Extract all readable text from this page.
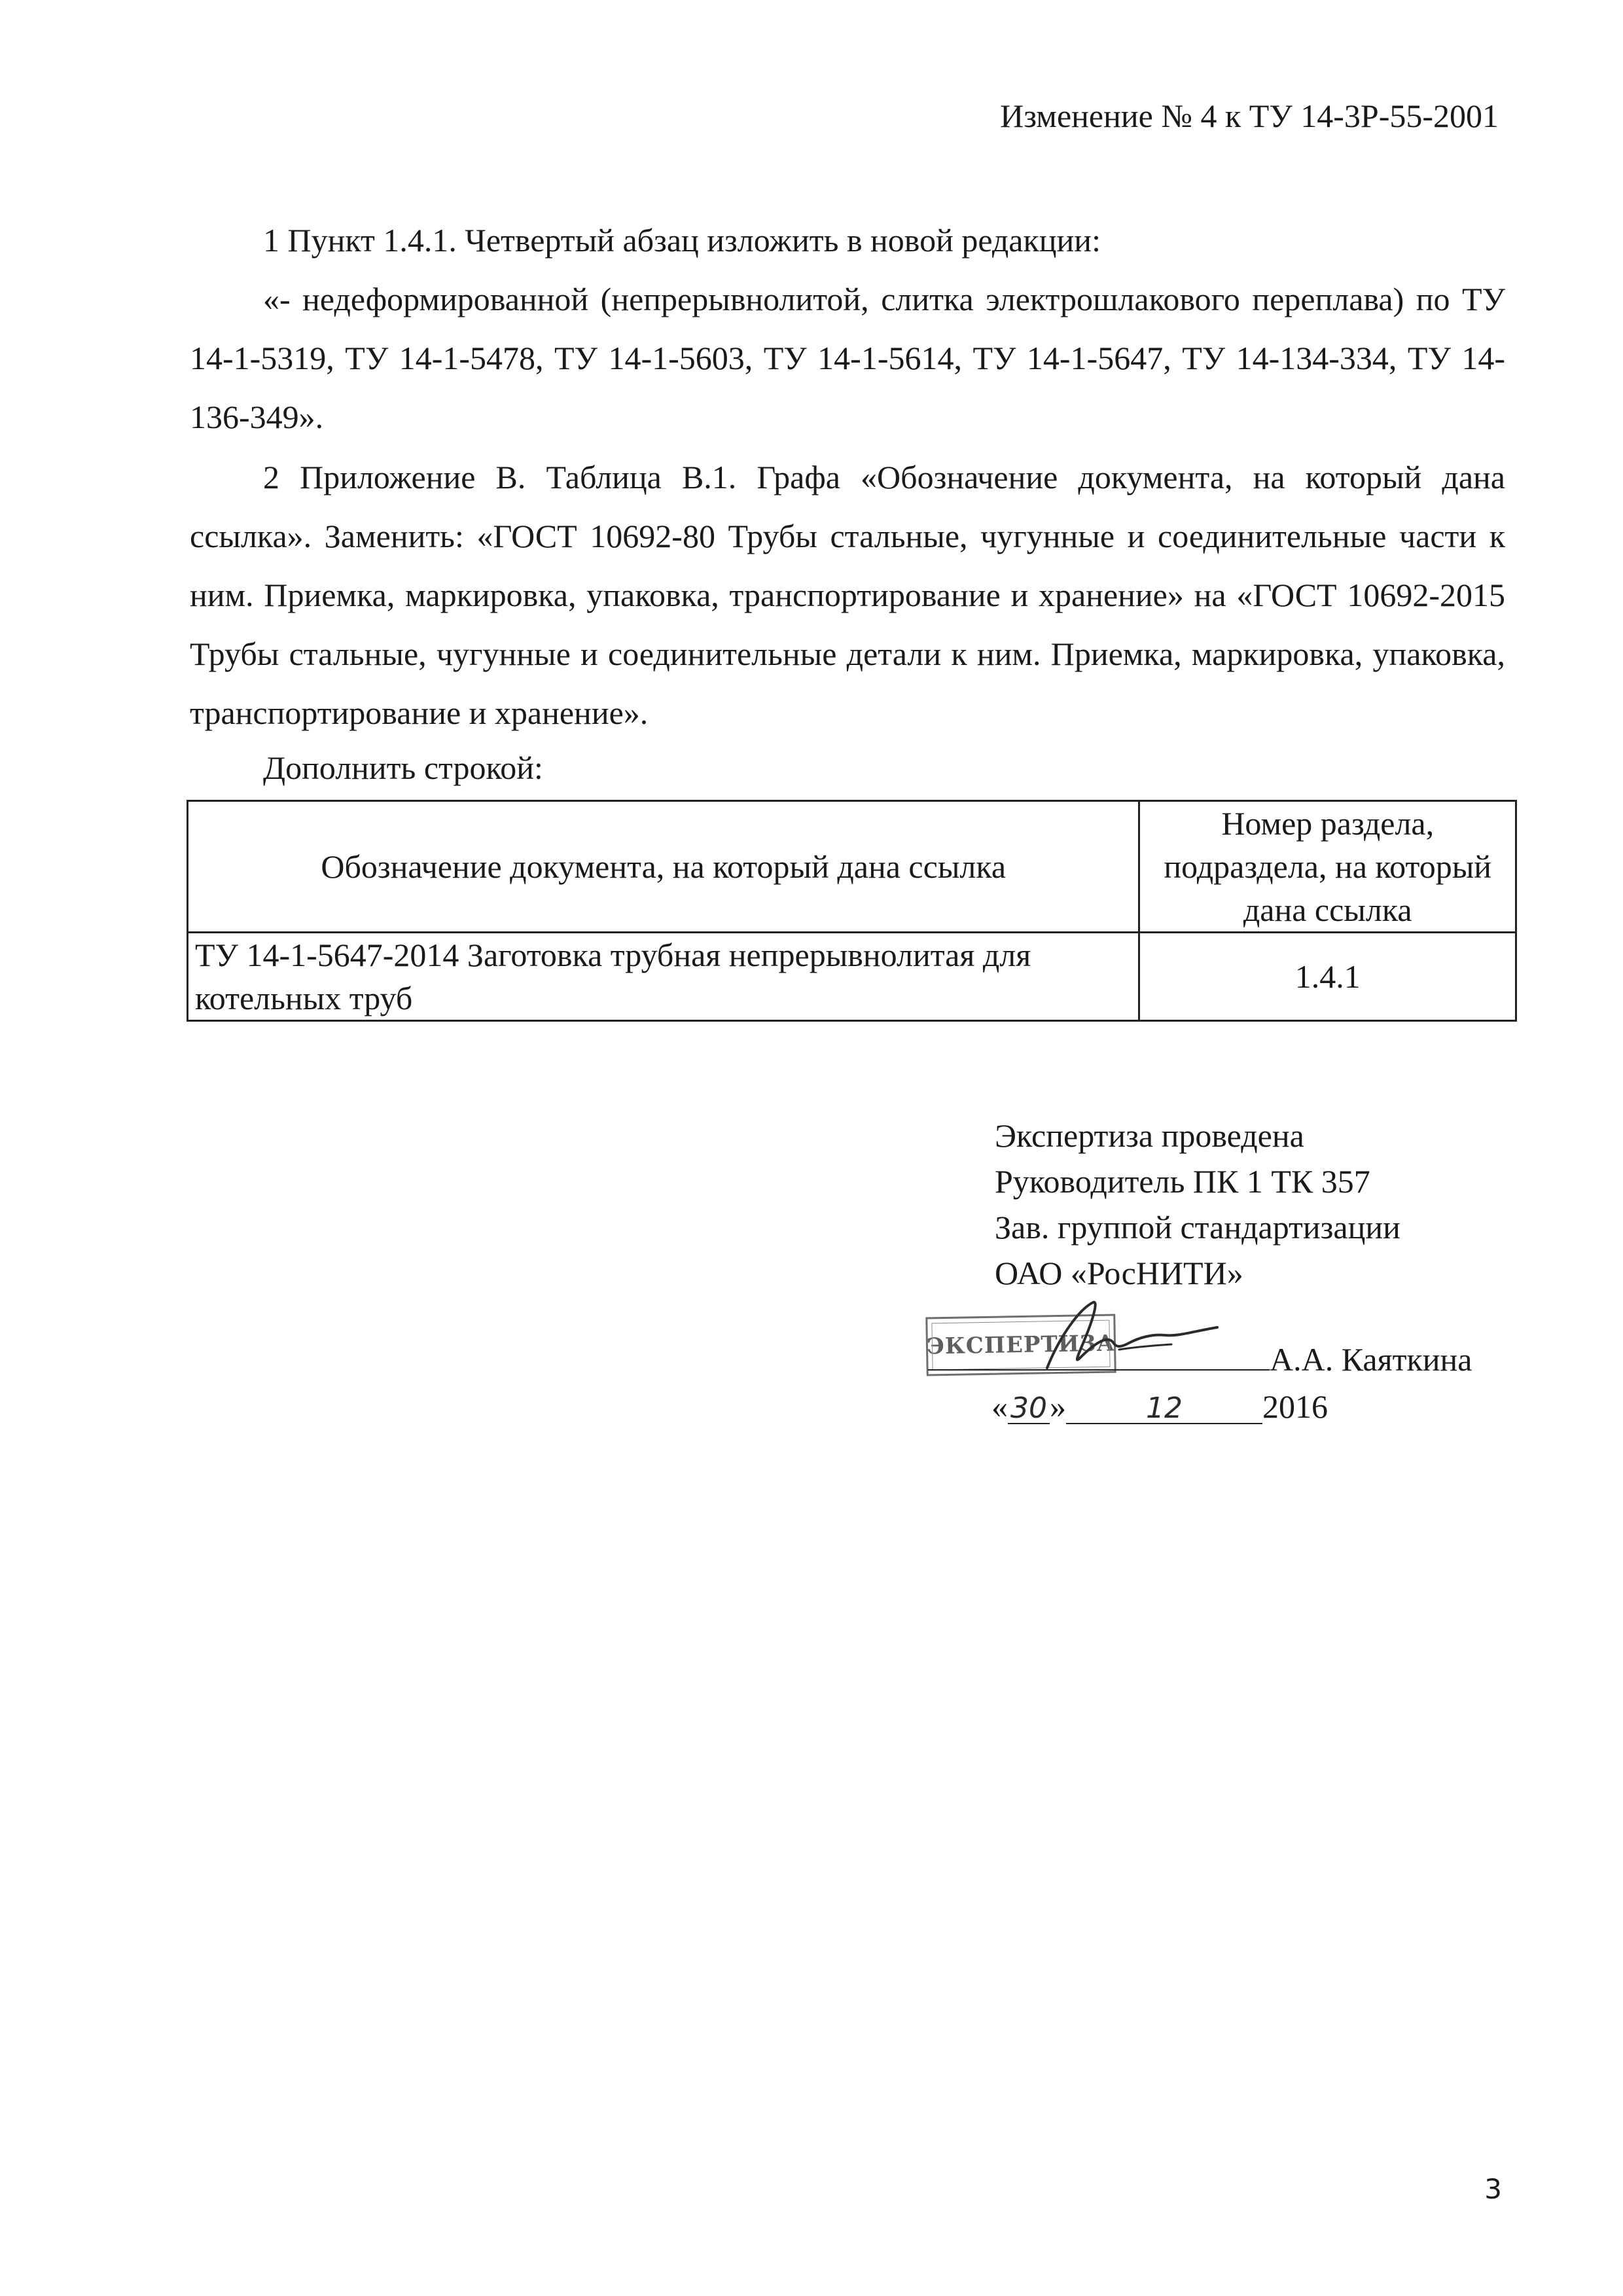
Изменение № 4 к ТУ 14-3Р-55-2001

1 Пункт 1.4.1. Четвертый абзац изложить в новой редакции:

«- недеформированной (непрерывнолитой, слитка электрошлакового переплава) по ТУ 14-1-5319, ТУ 14-1-5478, ТУ 14-1-5603, ТУ 14-1-5614, ТУ 14-1-5647, ТУ 14-134-334, ТУ 14-136-349».

2 Приложение В. Таблица В.1. Графа «Обозначение документа, на который дана ссылка». Заменить: «ГОСТ 10692-80 Трубы стальные, чугунные и соединительные части к ним. Приемка, маркировка, упаковка, транспортирование и хранение» на «ГОСТ 10692-2015 Трубы стальные, чугунные и соединительные детали к ним. Приемка, маркировка, упаковка, транспортирование и хранение».

Дополнить строкой:
Обозначение документа, на который дана ссылка	Номер раздела, подраздела, на который дана ссылка
ТУ 14-1-5647-2014 Заготовка трубная непрерывнолитая для котельных труб	1.4.1
Экспертиза проведена
Руководитель ПК 1 ТК 357
Зав. группой стандартизации
ОАО «РосНИТИ»
ЭКСПЕРТИЗА	А.А. Каяткина
«30»	12 2016
3
